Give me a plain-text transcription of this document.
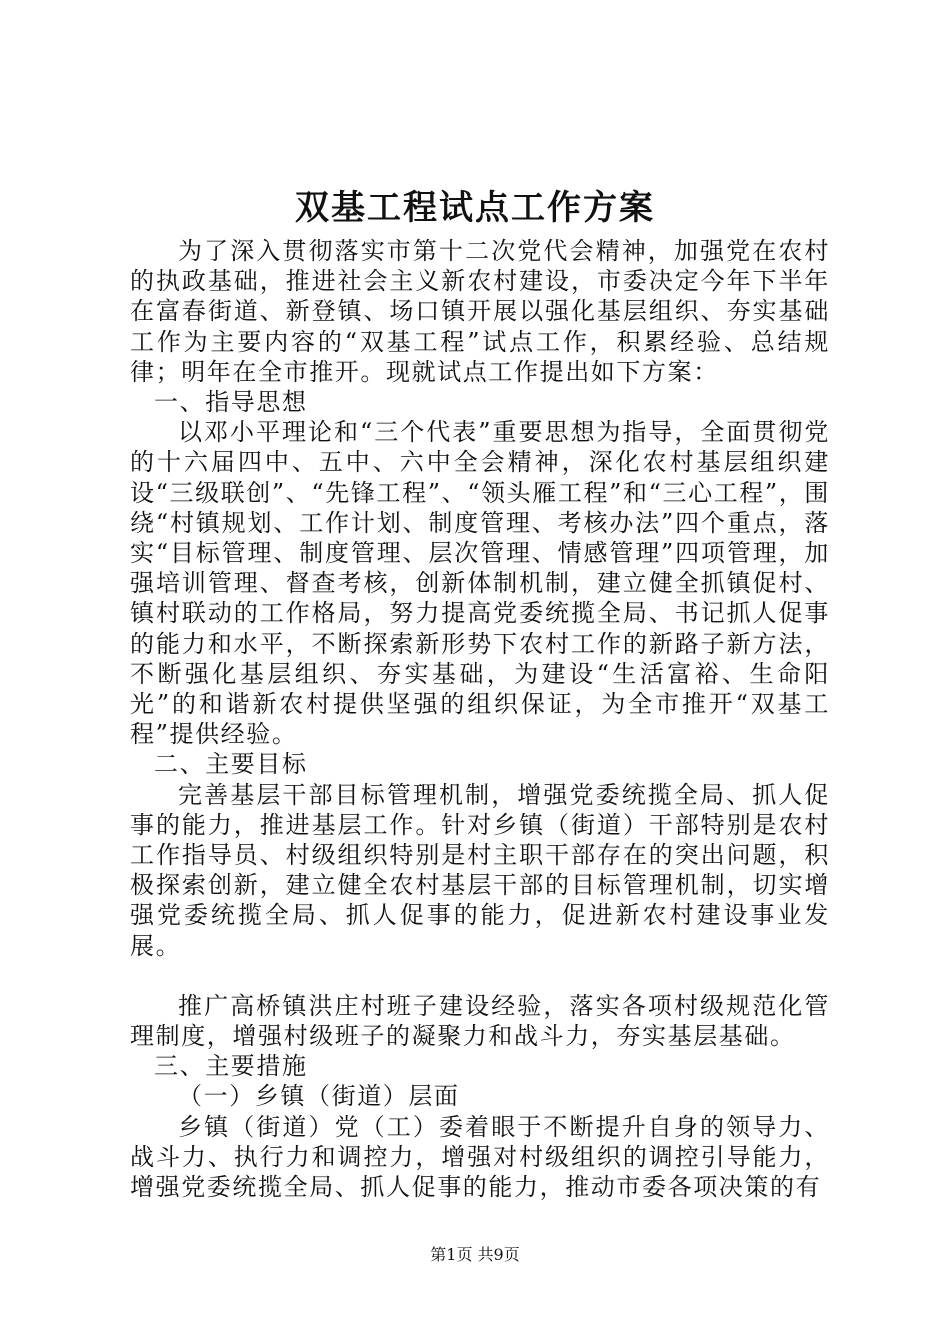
双基工程试点工作方案

为了深入贯彻落实市第十二次党代会精神，加强党在农村的执政基础，推进社会主义新农村建设，市委决定今年下半年在富春街道、新登镇、场口镇开展以强化基层组织、夯实基础工作为主要内容的“双基工程”试点工作，积累经验、总结规律；明年在全市推开。现就试点工作提出如下方案：

一、指导思想

以邓小平理论和“三个代表”重要思想为指导，全面贯彻党的十六届四中、五中、六中全会精神，深化农村基层组织建设“三级联创”、“先锋工程”、“领头雁工程”和“三心工程”，围绕“村镇规划、工作计划、制度管理、考核办法”四个重点，落实“目标管理、制度管理、层次管理、情感管理”四项管理，加强培训管理、督查考核，创新体制机制，建立健全抓镇促村、镇村联动的工作格局，努力提高党委统揽全局、书记抓人促事的能力和水平，不断探索新形势下农村工作的新路子新方法，不断强化基层组织、夯实基础，为建设“生活富裕、生命阳光”的和谐新农村提供坚强的组织保证，为全市推开“双基工程”提供经验。

二、主要目标

完善基层干部目标管理机制，增强党委统揽全局、抓人促事的能力，推进基层工作。针对乡镇（街道）干部特别是农村工作指导员、村级组织特别是村主职干部存在的突出问题，积极探索创新，建立健全农村基层干部的目标管理机制，切实增强党委统揽全局、抓人促事的能力，促进新农村建设事业发展。

推广高桥镇洪庄村班子建设经验，落实各项村级规范化管理制度，增强村级班子的凝聚力和战斗力，夯实基层基础。

三、主要措施

（一）乡镇（街道）层面

乡镇（街道）党（工）委着眼于不断提升自身的领导力、战斗力、执行力和调控力，增强对村级组织的调控引导能力，增强党委统揽全局、抓人促事的能力，推动市委各项决策的有

第1页 共9页
